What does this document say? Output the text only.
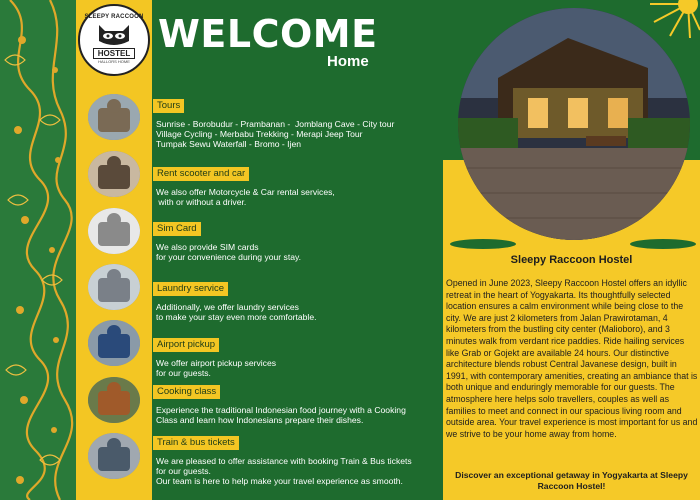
SLEEPY RACCOON
HOSTEL
HALLORS HOME
WELCOME
Home
Tours
Sunrise - Borobudur - Prambanan -  Jomblang Cave - City tour
Village Cycling - Merbabu Trekking - Merapi Jeep Tour
Tumpak Sewu Waterfall - Bromo - Ijen
Rent scooter and car
We also offer Motorcycle & Car rental services,
with or without a driver.
Sim Card
We also provide SIM cards
for your convenience during your stay.
Laundry service
Additionally, we offer laundry services
to make your stay even more comfortable.
Airport pickup
We offer airport pickup services
for our guests.
Cooking class
Experience the traditional Indonesian food journey with a Cooking
Class and learn how Indonesians prepare their dishes.
Train & bus tickets
We are pleased to offer assistance with booking Train & Bus tickets
for our guests.
Our team is here to help make your travel experience as smooth.
Sleepy Raccoon Hostel
Opened in June 2023, Sleepy Raccoon Hostel offers an idyllic retreat in the heart of Yogyakarta. Its thoughtfully selected location ensures a calm environment while being close to the city. We are just 2 kilometers from Jalan Prawirotaman, 4 kilometers from the bustling city center (Malioboro), and 3 minutes walk from verdant rice paddies. Ride hailing services like Grab or Gojekt are available 24 hours. Our distinctive architecture blends robust Central Javanese design, built in 1991, with contemporary amenities, creating an ambiance that is both unique and enduringly memorable for our guests. The atmosphere here helps solo travellers, couples as well as families to meet and connect in our spacious living room and outside area. Your travel experience is most important for us and we strive to be your home away from home.
Discover an exceptional getaway in Yogyakarta at Sleepy Raccoon Hostel!
